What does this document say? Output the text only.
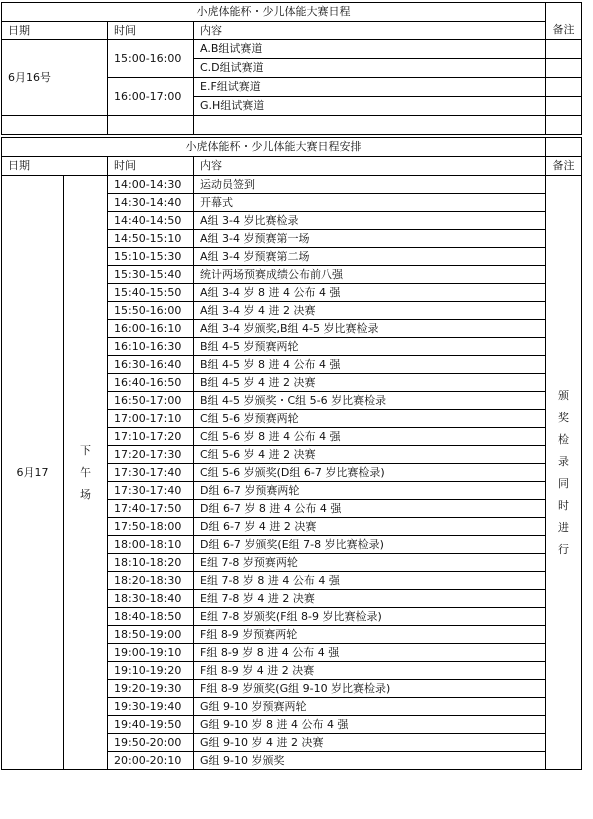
小虎体能杯・少儿体能大赛日程			备注
日期	时间	内容	
6月16号	15:00-16:00	A.B组试赛道	
		C.D组试赛道	
	16:00-17:00	E.F组试赛道	
		G.H组试赛道	

小虎体能杯・少儿体能大赛日程安排				
日期		时间	内容	备注
6月17	下午场	14:00-14:30	运动员签到	颁奖检录同时进行

		14:30-14:40	开幕式	
		14:40-14:50	A组 3-4 岁比赛检录	
		14:50-15:10	A组 3-4 岁预赛第一场	
		15:10-15:30	A组 3-4 岁预赛第二场	
		15:30-15:40	统计两场预赛成绩公布前八强	
		15:40-15:50	A组 3-4 岁 8 进 4 公布 4 强	
		15:50-16:00	A组 3-4 岁 4 进 2 决赛	
		16:00-16:10	A组 3-4 岁颁奖,B组 4-5 岁比赛检录	
		16:10-16:30	B组 4-5 岁预赛两轮	
		16:30-16:40	B组 4-5 岁 8 进 4 公布 4 强	
		16:40-16:50	B组 4-5 岁 4 进 2 决赛	
		16:50-17:00	B组 4-5 岁颁奖・C组 5-6 岁比赛检录	
		17:00-17:10	C组 5-6 岁预赛两轮	
		17:10-17:20	C组 5-6 岁 8 进 4 公布 4 强	
		17:20-17:30	C组 5-6 岁 4 进 2 决赛	
		17:30-17:40	C组 5-6 岁颁奖(D组 6-7 岁比赛检录)	
		17:30-17:40	D组 6-7 岁预赛两轮	
		17:40-17:50	D组 6-7 岁 8 进 4 公布 4 强	
		17:50-18:00	D组 6-7 岁 4 进 2 决赛	
		18:00-18:10	D组 6-7 岁颁奖(E组 7-8 岁比赛检录)	
		18:10-18:20	E组 7-8 岁预赛两轮	
		18:20-18:30	E组 7-8 岁 8 进 4 公布 4 强	
		18:30-18:40	E组 7-8 岁 4 进 2 决赛	
		18:40-18:50	E组 7-8 岁颁奖(F组 8-9 岁比赛检录)	
		18:50-19:00	F组 8-9 岁预赛两轮	
		19:00-19:10	F组 8-9 岁 8 进 4 公布 4 强	
		19:10-19:20	F组 8-9 岁 4 进 2 决赛	
		19:20-19:30	F组 8-9 岁颁奖(G组 9-10 岁比赛检录)	
		19:30-19:40	G组 9-10 岁预赛两轮	
		19:40-19:50	G组 9-10 岁 8 进 4 公布 4 强	
		19:50-20:00	G组 9-10 岁 4 进 2 决赛	
		20:00-20:10	G组 9-10 岁颁奖	
